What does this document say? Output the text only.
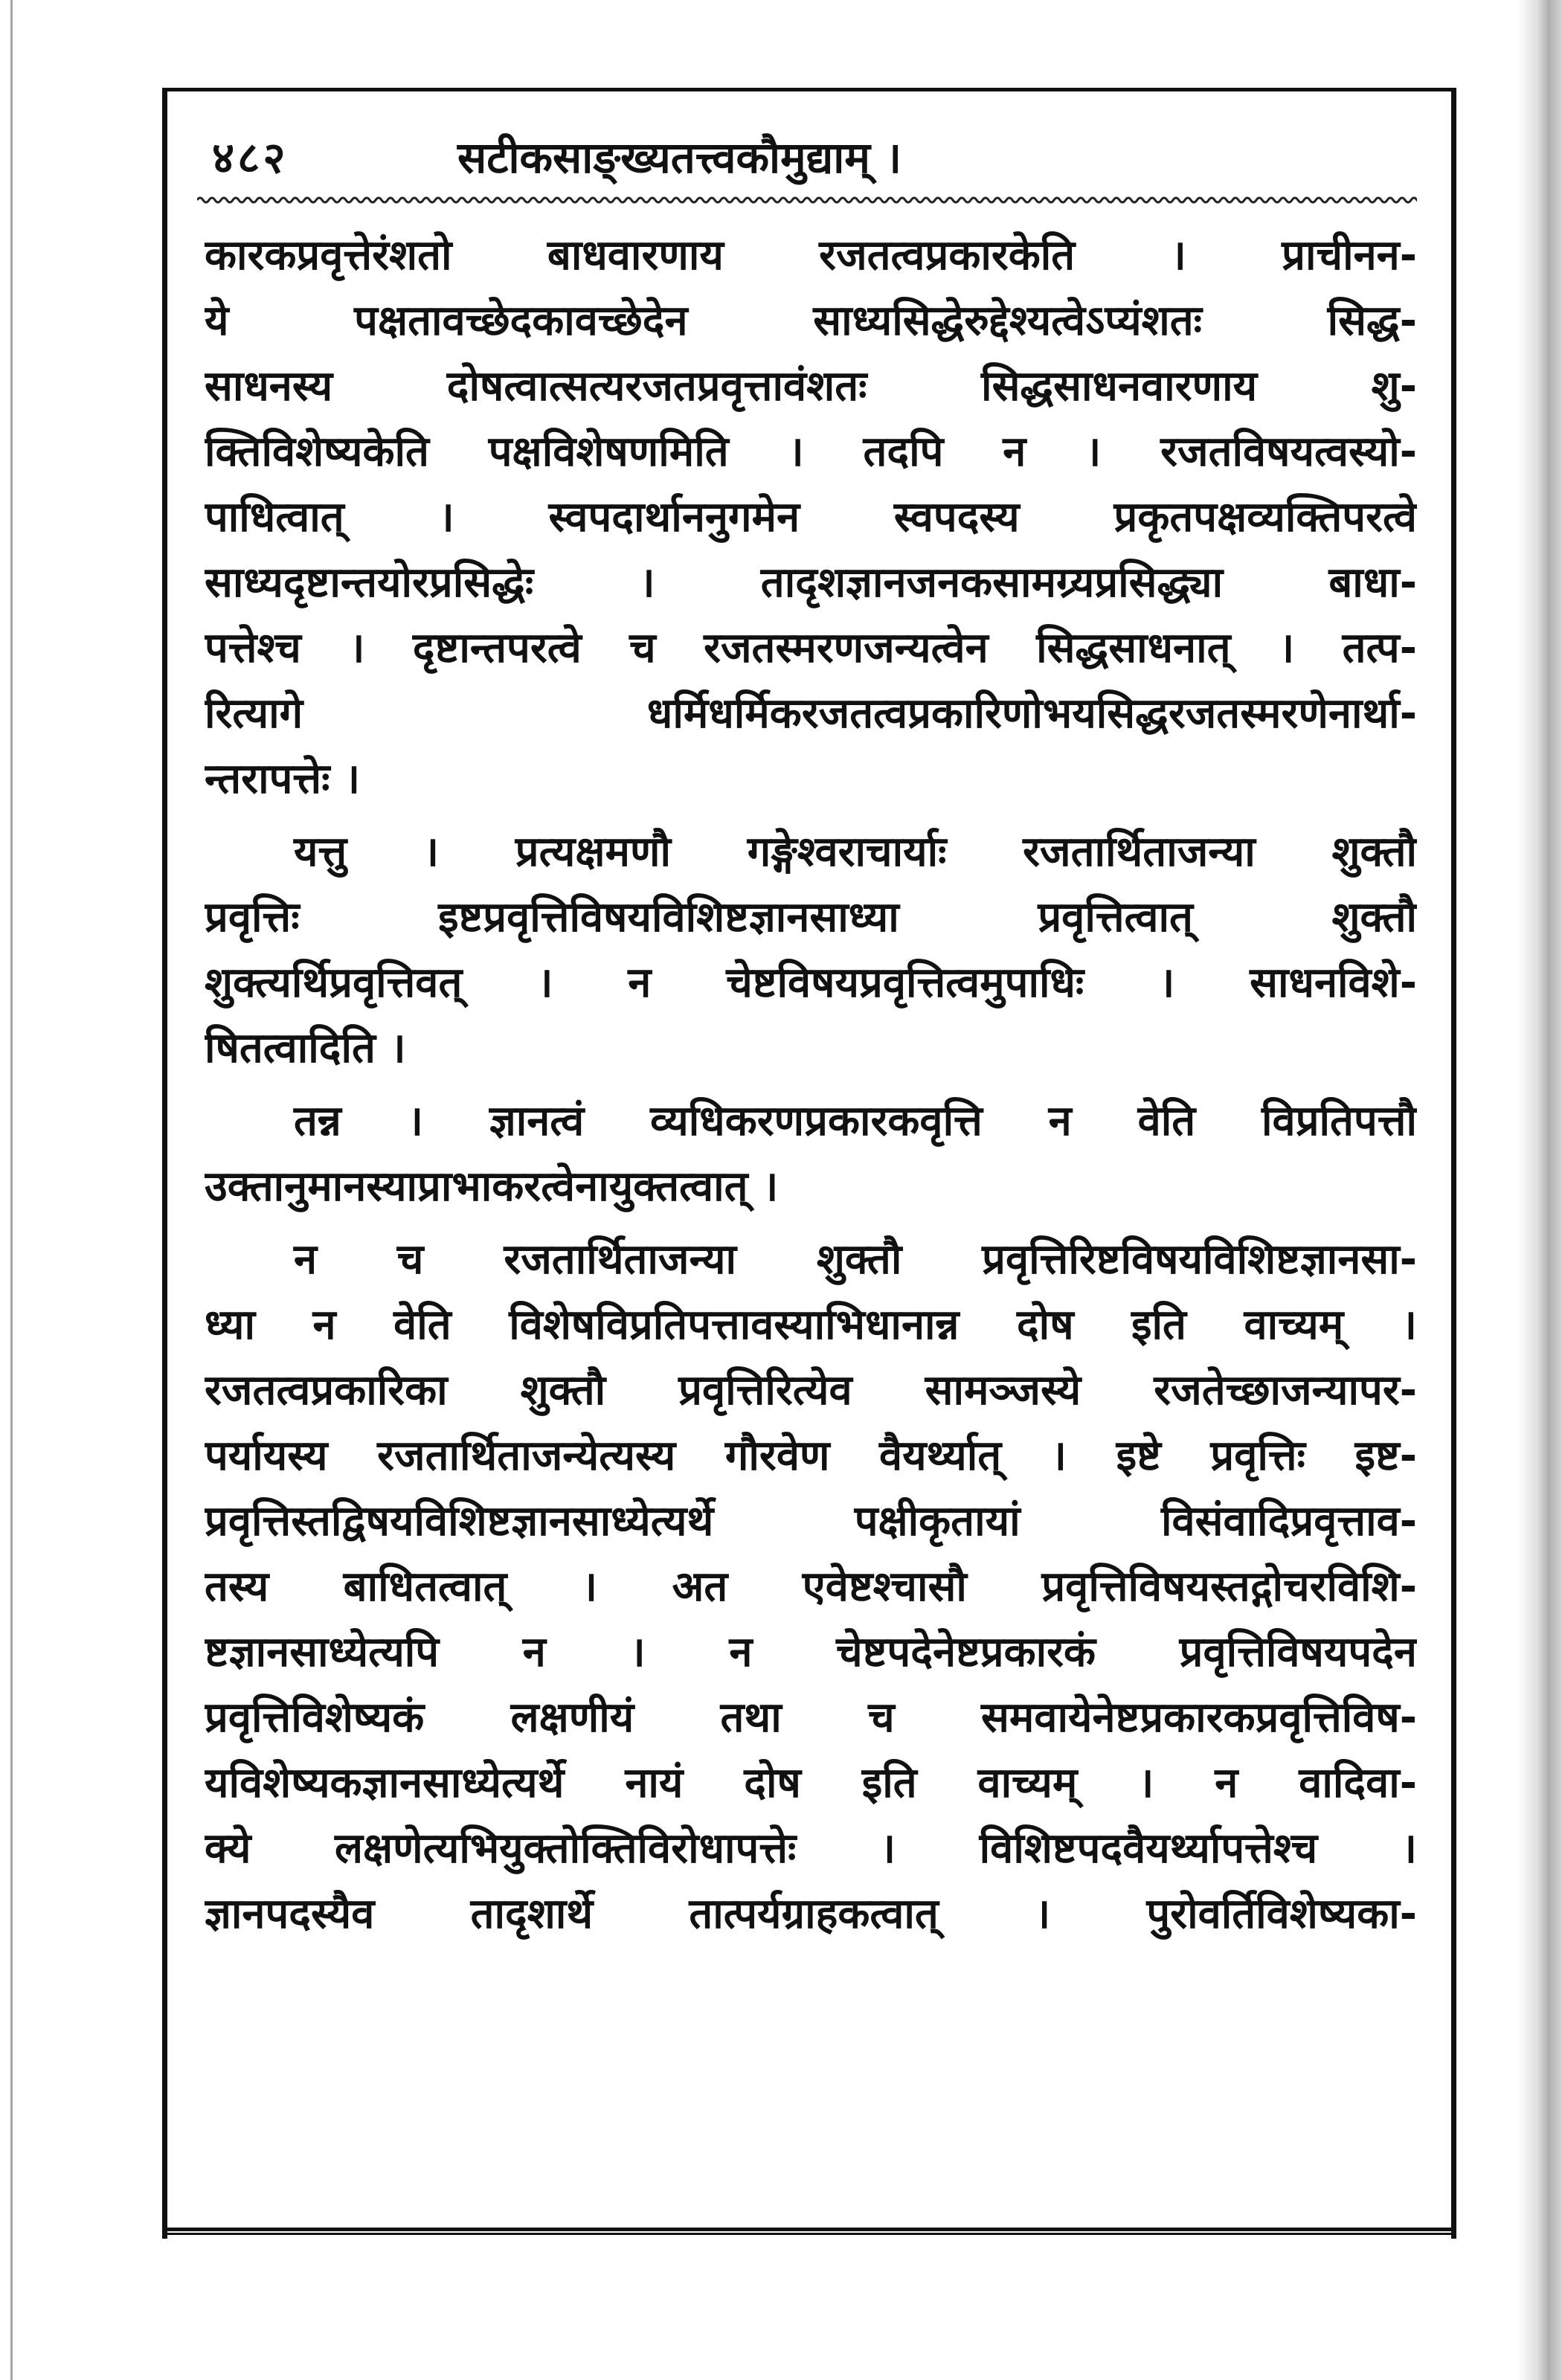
४८२	सटीकसाङ्ख्यतत्त्वकौमुद्याम् ।
कारकप्रवृत्तेरंशतो बाधवारणाय रजतत्वप्रकारकेति । प्राचीनन-
ये पक्षतावच्छेदकावच्छेदेन साध्यसिद्धेरुद्देश्यत्वेऽप्यंशतः सिद्ध-
साधनस्य दोषत्वात्सत्यरजतप्रवृत्तावंशतः सिद्धसाधनवारणाय शु-
क्तिविशेष्यकेति पक्षविशेषणमिति । तदपि न । रजतविषयत्वस्यो-
पाधित्वात् । स्वपदार्थाननुगमेन स्वपदस्य प्रकृतपक्षव्यक्तिपरत्वे
साध्यदृष्टान्तयोरप्रसिद्धेः । तादृशज्ञानजनकसामग्र्यप्रसिद्ध्या बाधा-
पत्तेश्च । दृष्टान्तपरत्वे च रजतस्मरणजन्यत्वेन सिद्धसाधनात् । तत्प-
रित्यागे धर्मिधर्मिकरजतत्वप्रकारिणोभयसिद्धरजतस्मरणेनार्था-
न्तरापत्तेः ।
यत्तु । प्रत्यक्षमणौ गङ्गेश्वराचार्याः रजतार्थिताजन्या शुक्तौ
प्रवृत्तिः इष्टप्रवृत्तिविषयविशिष्टज्ञानसाध्या प्रवृत्तित्वात् शुक्तौ
शुक्त्यर्थिप्रवृत्तिवत् । न चेष्टविषयप्रवृत्तित्वमुपाधिः । साधनविशे-
षितत्वादिति ।
तन्न । ज्ञानत्वं व्यधिकरणप्रकारकवृत्ति न वेति विप्रतिपत्तौ
उक्तानुमानस्याप्राभाकरत्वेनायुक्तत्वात् ।
न च रजतार्थिताजन्या शुक्तौ प्रवृत्तिरिष्टविषयविशिष्टज्ञानसा-
ध्या न वेति विशेषविप्रतिपत्तावस्याभिधानान्न दोष इति वाच्यम् ।
रजतत्वप्रकारिका शुक्तौ प्रवृत्तिरित्येव सामञ्जस्ये रजतेच्छाजन्यापर-
पर्यायस्य रजतार्थिताजन्येत्यस्य गौरवेण वैयर्थ्यात् । इष्टे प्रवृत्तिः इष्ट-
प्रवृत्तिस्तद्विषयविशिष्टज्ञानसाध्येत्यर्थे पक्षीकृतायां विसंवादिप्रवृत्ताव-
तस्य बाधितत्वात् । अत एवेष्टश्चासौ प्रवृत्तिविषयस्तद्गोचरविशि-
ष्टज्ञानसाध्येत्यपि न । न चेष्टपदेनेष्टप्रकारकं प्रवृत्तिविषयपदेन
प्रवृत्तिविशेष्यकं लक्षणीयं तथा च समवायेनेष्टप्रकारकप्रवृत्तिविष-
यविशेष्यकज्ञानसाध्येत्यर्थे नायं दोष इति वाच्यम् । न वादिवा-
क्ये लक्षणेत्यभियुक्तोक्तिविरोधापत्तेः । विशिष्टपदवैयर्थ्यापत्तेश्च ।
ज्ञानपदस्यैव तादृशार्थे तात्पर्यग्राहकत्वात् । पुरोवर्तिविशेष्यका-
